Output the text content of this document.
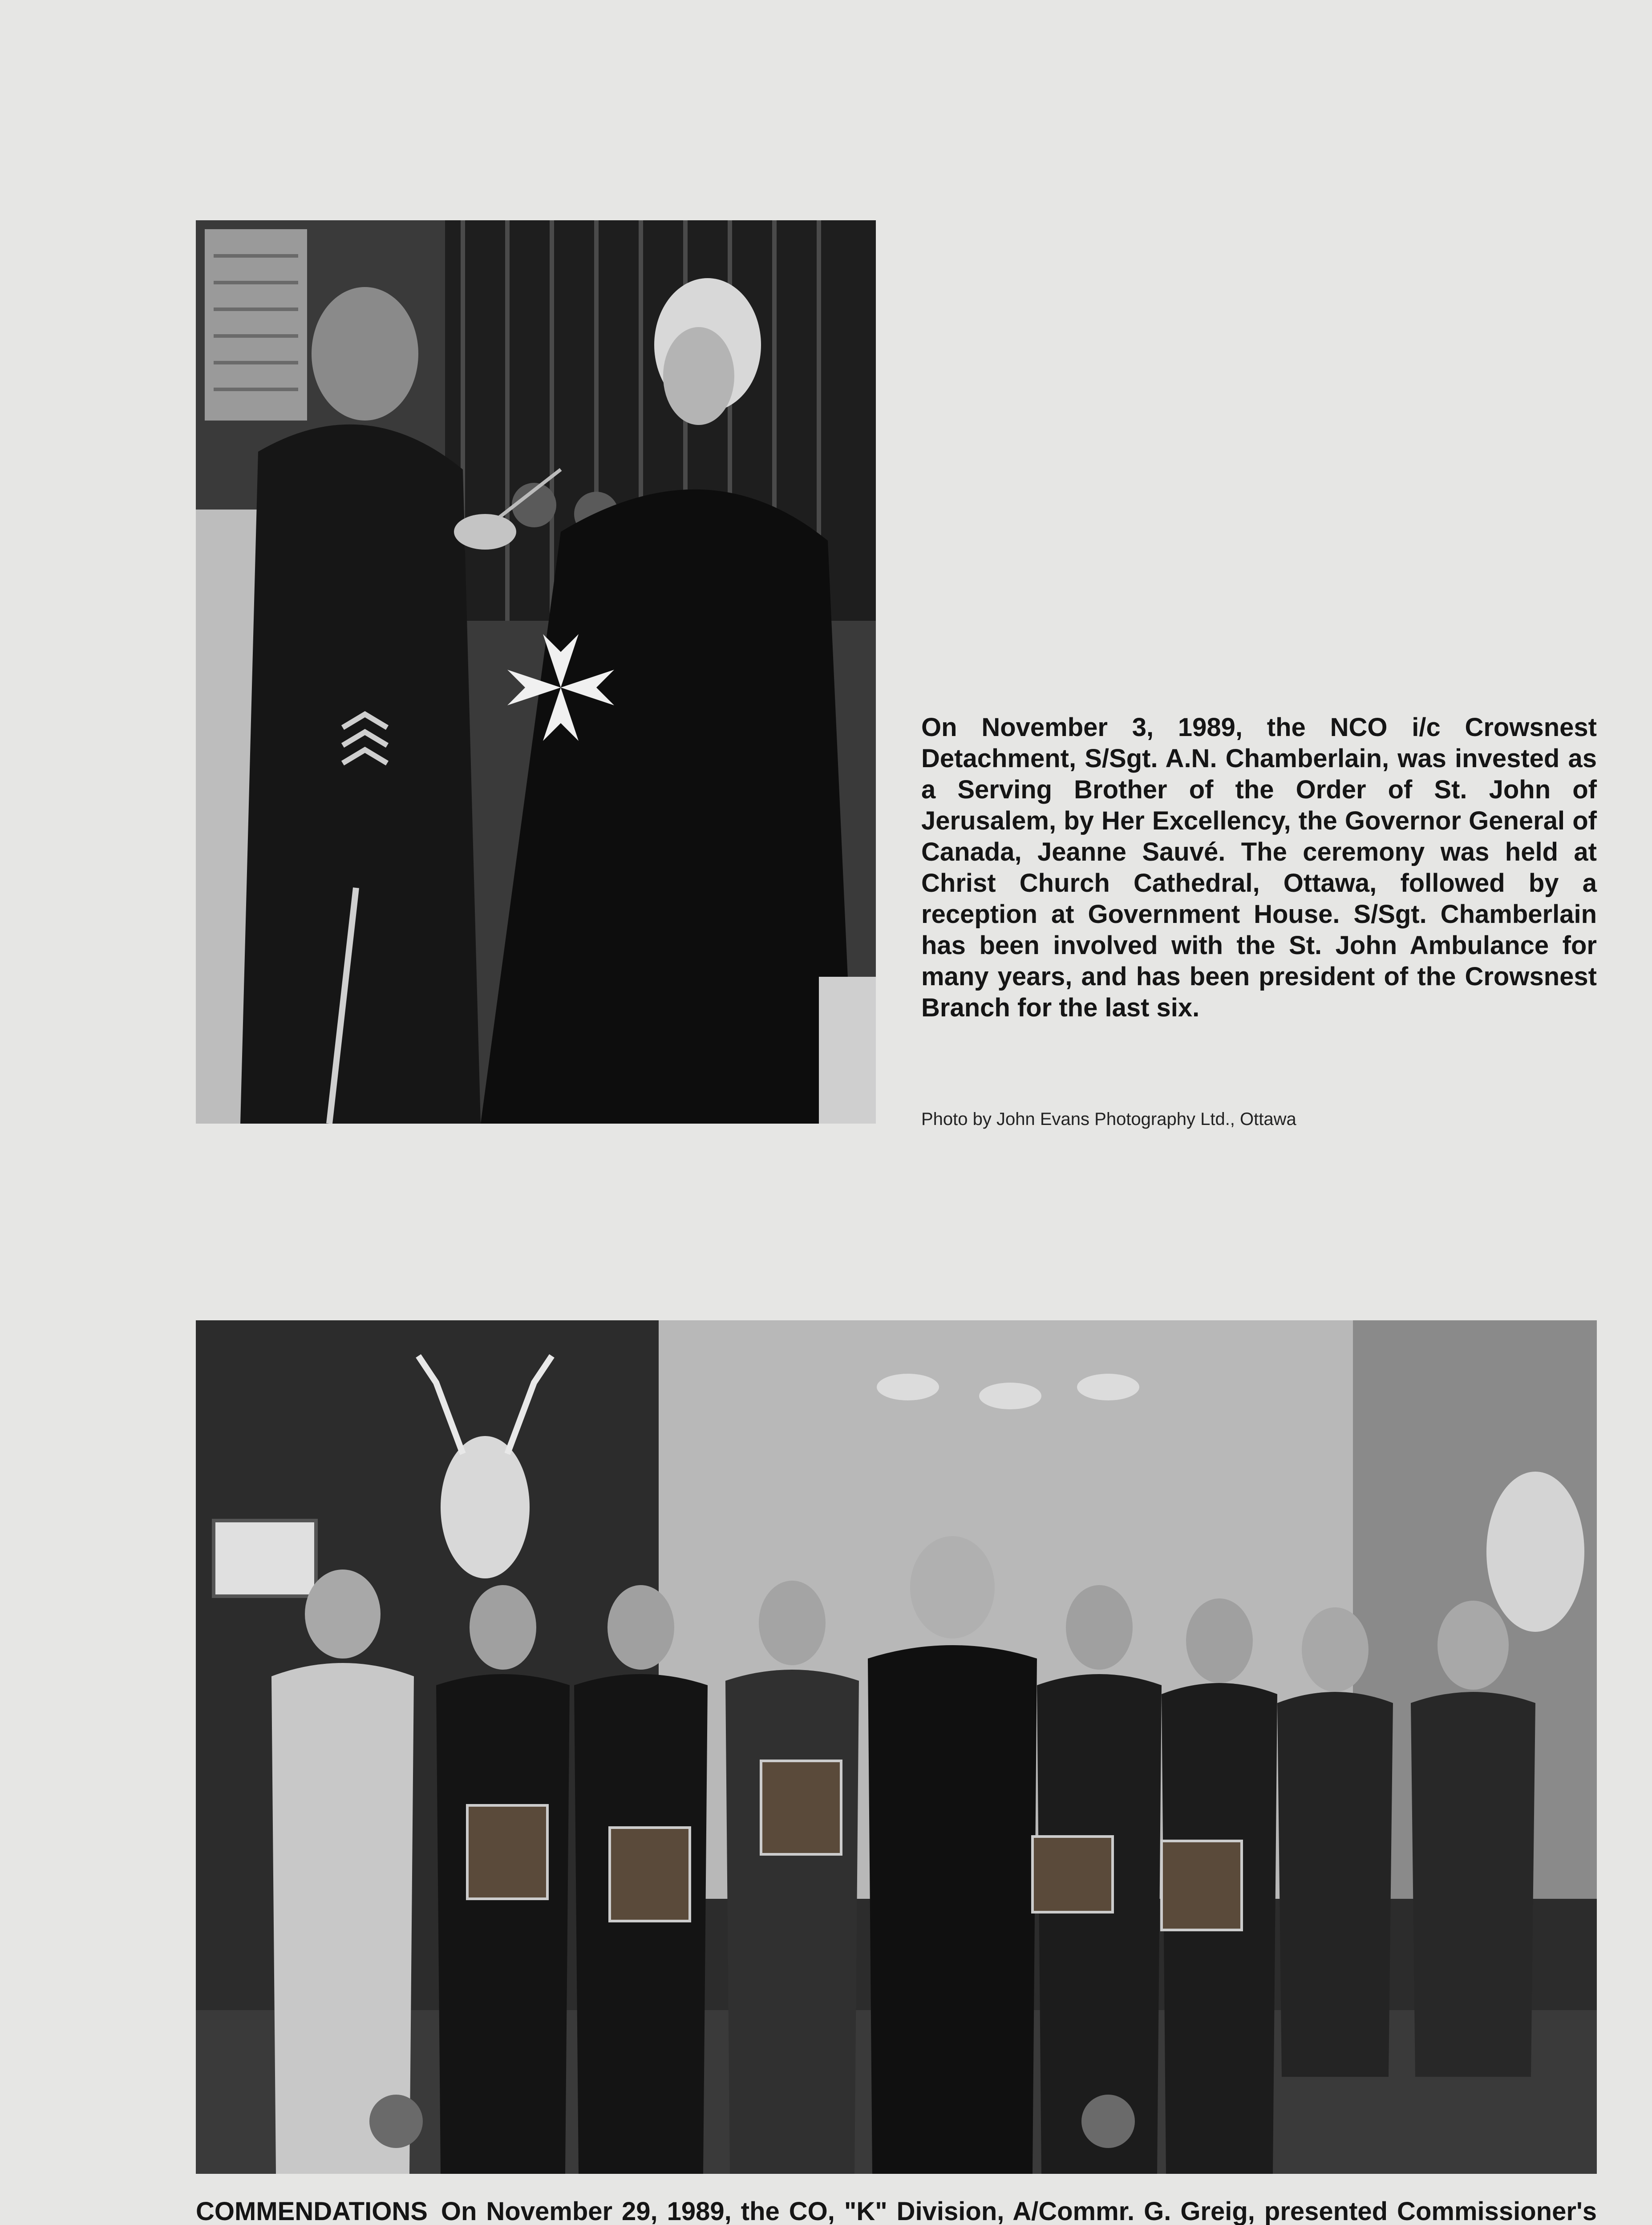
On November 3, 1989, the NCO i/c Crowsnest Detachment, S/Sgt. A.N. Chamberlain, was invested as a Serving Brother of the Order of St. John of Jerusalem, by Her Excellency, the Governor General of Canada, Jeanne Sauvé. The ceremony was held at Christ Church Cathedral, Ottawa, followed by a reception at Government House. S/Sgt. Chamberlain has been involved with the St. John Ambulance for many years, and has been president of the Crowsnest Branch for the last six.
Photo by John Evans Photography Ltd., Ottawa
COMMENDATIONS On November 29, 1989, the CO, "K" Division, A/Commr. G. Greig, presented Commissioner's
